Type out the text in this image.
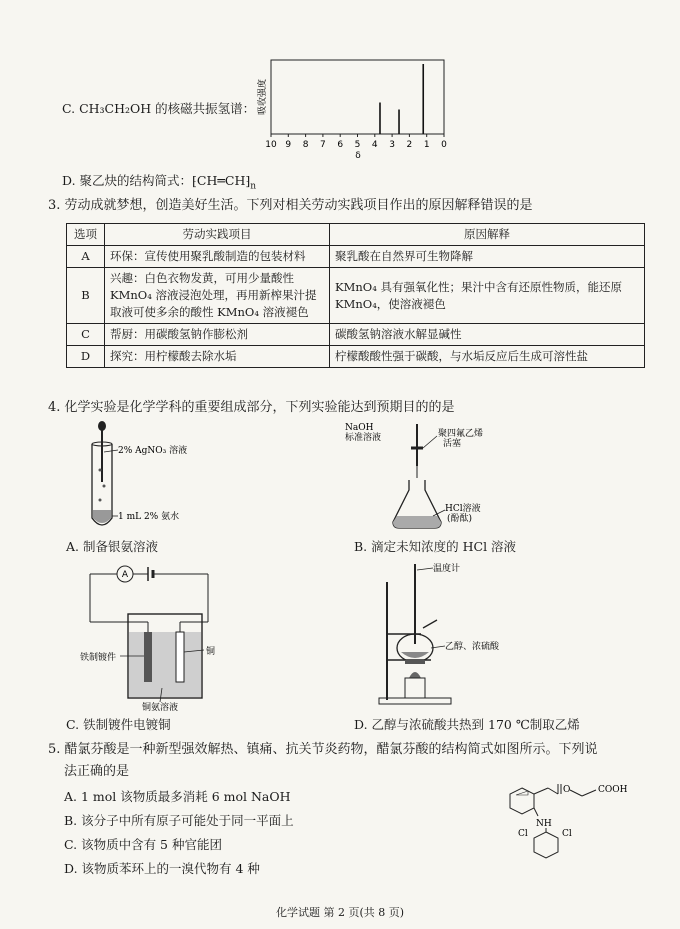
C. CH₃CH₂OH 的核磁共振氢谱：
10 9 8 7 6 5 4 3 2 1 0
δ
吸收强度
D. 聚乙炔的结构简式：$⁅CH═CH⁆_n$
3. 劳动成就梦想，创造美好生活。下列对相关劳动实践项目作出的原因解释错误的是
选项	劳动实践项目	原因解释
A	环保：宣传使用聚乳酸制造的包装材料	聚乳酸在自然界可生物降解
B	兴趣：白色衣物发黄，可用少量酸性 KMnO₄ 溶液浸泡处理，再用新榨果汁提取液可使多余的酸性 KMnO₄ 溶液褪色	KMnO₄ 具有强氧化性；果汁中含有还原性物质，能还原 KMnO₄，使溶液褪色
C	帮厨：用碳酸氢钠作膨松剂	碳酸氢钠溶液水解显碱性
D	探究：用柠檬酸去除水垢	柠檬酸酸性强于碳酸，与水垢反应后生成可溶性盐
4. 化学实验是化学学科的重要组成部分，下列实验能达到预期目的的是
2% AgNO₃ 溶液
1 mL 2% 氨水
A. 制备银氨溶液
NaOH
标准溶液	聚四氟乙烯
活塞
HCl溶液
(酚酞)
B. 滴定未知浓度的 HCl 溶液
A
铁制镀件
铜
铜氨溶液
C. 铁制镀件电镀铜
温度计
乙醇、浓硫酸
D. 乙醇与浓硫酸共热到 170 ℃制取乙烯
5. 醋氯芬酸是一种新型强效解热、镇痛、抗关节炎药物，醋氯芬酸的结构简式如图所示。下列说
法正确的是
A. 1 mol 该物质最多消耗 6 mol NaOH
B. 该分子中所有原子可能处于同一平面上
C. 该物质中含有 5 种官能团
D. 该物质苯环上的一溴代物有 4 种
O	COOH
NH
Cl	Cl
化学试题 第 2 页(共 8 页)
